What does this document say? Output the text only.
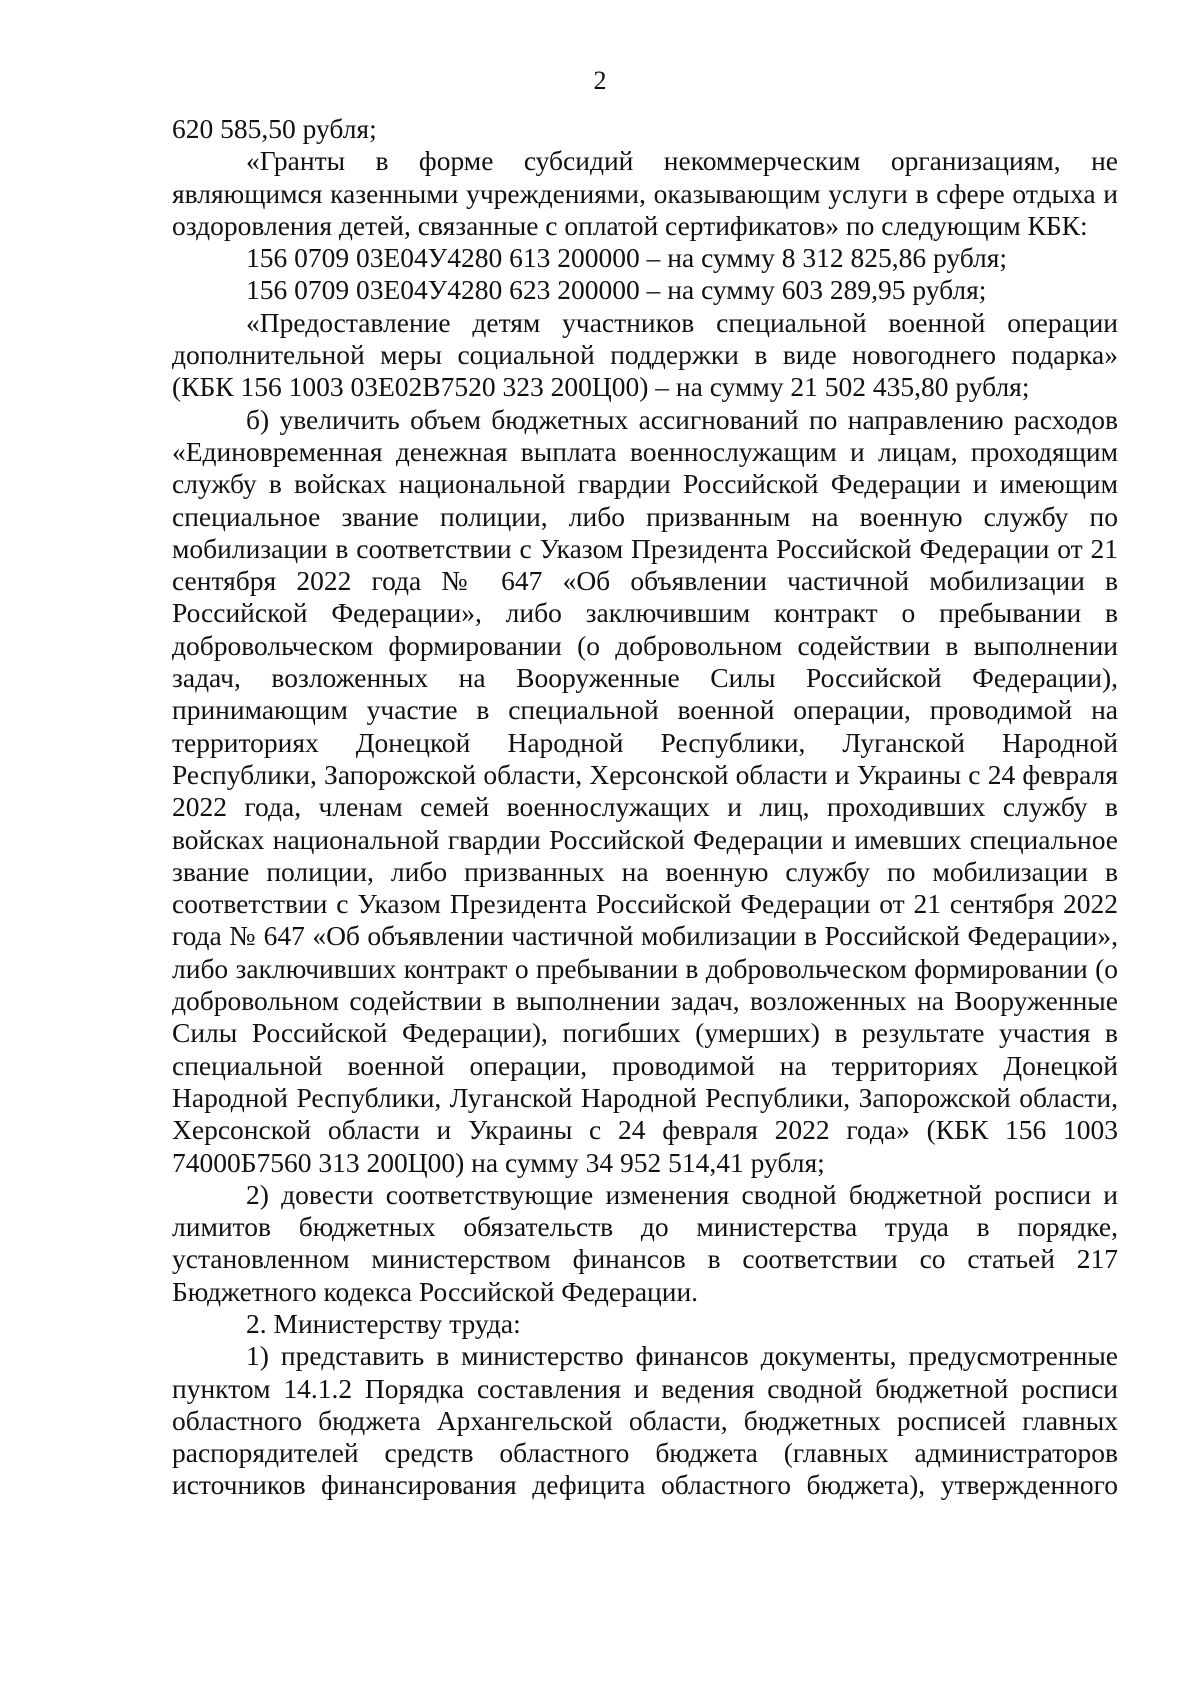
2

620 585,50 рубля;

«Гранты в форме субсидий некоммерческим организациям, не являющимся казенными учреждениями, оказывающим услуги в сфере отдыха и оздоровления детей, связанные с оплатой сертификатов» по следующим КБК:

156 0709 03Е04У4280 613 200000 – на сумму 8 312 825,86 рубля;

156 0709 03Е04У4280 623 200000 – на сумму 603 289,95 рубля;

«Предоставление детям участников специальной военной операции дополнительной меры социальной поддержки в виде новогоднего подарка» (КБК 156 1003 03Е02В7520 323 200Ц00) – на сумму 21 502 435,80 рубля;

б) увеличить объем бюджетных ассигнований по направлению расходов «Единовременная денежная выплата военнослужащим и лицам, проходящим службу в войсках национальной гвардии Российской Федерации и имеющим специальное звание полиции, либо призванным на военную службу по мобилизации в соответствии с Указом Президента Российской Федерации от 21 сентября 2022 года № 647 «Об объявлении частичной мобилизации в Российской Федерации», либо заключившим контракт о пребывании в добровольческом формировании (о добровольном содействии в выполнении задач, возложенных на Вооруженные Силы Российской Федерации), принимающим участие в специальной военной операции, проводимой на территориях Донецкой Народной Республики, Луганской Народной Республики, Запорожской области, Херсонской области и Украины с 24 февраля 2022 года, членам семей военнослужащих и лиц, проходивших службу в войсках национальной гвардии Российской Федерации и имевших специальное звание полиции, либо призванных на военную службу по мобилизации в соответствии с Указом Президента Российской Федерации от 21 сентября 2022 года № 647 «Об объявлении частичной мобилизации в Российской Федерации», либо заключивших контракт о пребывании в добровольческом формировании (о добровольном содействии в выполнении задач, возложенных на Вооруженные Силы Российской Федерации), погибших (умерших) в результате участия в специальной военной операции, проводимой на территориях Донецкой Народной Республики, Луганской Народной Республики, Запорожской области, Херсонской области и Украины с 24 февраля 2022 года» (КБК 156 1003 74000Б7560 313 200Ц00) на сумму 34 952 514,41 рубля;

2) довести соответствующие изменения сводной бюджетной росписи и лимитов бюджетных обязательств до министерства труда в порядке, установленном министерством финансов в соответствии со статьей 217 Бюджетного кодекса Российской Федерации.

2. Министерству труда:

1) представить в министерство финансов документы, предусмотренные пунктом 14.1.2 Порядка составления и ведения сводной бюджетной росписи областного бюджета Архангельской области, бюджетных росписей главных распорядителей средств областного бюджета (главных администраторов источников финансирования дефицита областного бюджета), утвержденного
